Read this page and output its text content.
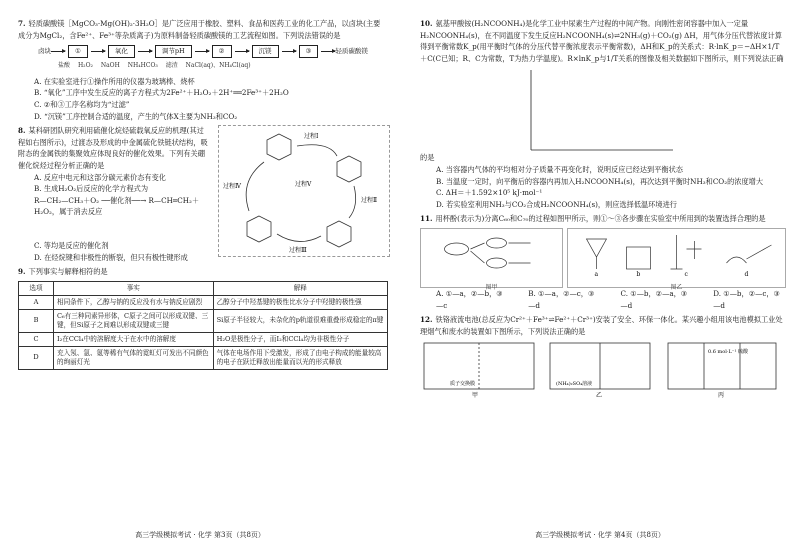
7. 轻质碳酸镁［MgCO₃·Mg(OH)₂·3H₂O］是广泛应用于橡胶、塑料、食品和医药工业的化工产品，以卤块(主要成分为MgCl₂，含Fe²⁺、Fe³⁺等杂质离子)为原料制备轻质碳酸镁的工艺流程如图。下列说法错误的是
卤块	①	氧化	调节pH	②	沉镁	③	轻质碳酸镁
盐酸　 H₂O₂　 NaOH　 NH₄HCO₃　 滤渣　 NaCl(aq)、NH₄Cl(aq)
A. 在实验室进行①操作所用的仪器为玻璃棒、烧杯
B. “氧化”工序中发生反应的离子方程式为2Fe²⁺＋H₂O₂＋2H⁺══2Fe³⁺＋2H₂O
C. ②和③工序名称均为“过滤”
D. “沉镁”工序控制合适的温度，产生的气体X主要为NH₃和CO₂
8. 某科研团队研究利用硫催化烷烃硫载氧反应的机理(其过程如右图所示)，过渡态及形成的中金属硫化铁链状结构，吸附态的金属铁的集聚效应体现良好的催化效果。下列有关硼催化烷烃过程分析正确的是
过程Ⅰ
过程Ⅱ
过程Ⅲ
过程Ⅳ	过程Ⅴ
A. 反应中电元和这部分碳元素价态有变化
B. 生成H₂O₂后反应的化学方程式为
R—CH₂—CH₃＋O₂ ──催化剂──→ R—CH═CH₂＋H₂O₂，属于消去反应
C. 等均是反应的催化剂
D. 在烃烷键和非极性的断裂，但只有极性键形成
9. 下列事实与解释相符的是
选项	事实	解释
A	相同条件下，乙醇与钠的反应没有水与钠反应剧烈	乙醇分子中羟基键的极性比水分子中羟键的极性强
B	C₆有三种同素异形体，C原子之间可以形成双键、三键，但Si原子之间难以形成双键或三键	Si原子半径较大，未杂化的p轨道很难重叠形成稳定的π键
C	I₂在CCl₄中的溶解度大于在水中的溶解度	H₂O是极性分子，而I₂和CCl₄均为非极性分子
D	充入氖、氩、氪等稀有气体的霓虹灯可发出不同颜色的绚丽灯光	气体在电场作用下受激发，形成了由电子构成的能量较高的电子在跃迁释放出能量而以光的形式释放
高三学级模拟考试 · 化学 第3页（共8页）
10. 氨基甲酸铵(H₂NCOONH₄)是化学工业中尿素生产过程的中间产物。向刚性密闭容器中加入一定量H₂NCOONH₄(s)，在不同温度下发生反应H₂NCOONH₄(s)⇌2NH₃(g)＋CO₂(g) ΔH，用气体分压代替浓度计算得到平衡常数K_p(用平衡时气体的分压代替平衡浓度表示平衡常数)，ΔH和K_p的关系式：R·lnK_p＝−ΔH×1/T＋C(C已知；R、C为常数，T为热力学温度)。R×lnK_p与1/T关系的图像及相关数据如下图所示，则下列说法正确的是
A. 当容器内气体的平均相对分子质量不再变化时，说明反应已经达到平衡状态
B. 当温度一定时，向平衡后的容器内再加入H₂NCOONH₄(s)，再次达到平衡时NH₃和CO₂的浓度增大
C. ΔH＝＋1.592×10⁵ kJ·mol⁻¹
D. 若实验室利用NH₃与CO₂合成H₂NCOONH₄(s)，则应选择低温环境进行
11. 用杯酚(表示为)分离C₆₀和C₇₀的过程如图甲所示，则①～③各步骤在实验室中所用到的装置选择合理的是
图甲
a	b	c	d
图乙
A. ①—a，②—b，③—c
B. ①—a，②—c，③—d
C. ①—b，②—a，③—d
D. ①—b，②—c，③—d
12. 铁铬液流电池(总反应为Cr²⁺＋Fe³⁺⇌Fe²⁺＋Cr³⁺)安装了安全、环保一体化。某兴趣小组用该电池模拟工业处理烟气和废水的装置如下图所示，下列说法正确的是
甲	乙	丙
质子交换膜	(NH₄)₂SO₄溶液
0.6 mol·L⁻¹ 硫酸
高三学级模拟考试 · 化学 第4页（共8页）
